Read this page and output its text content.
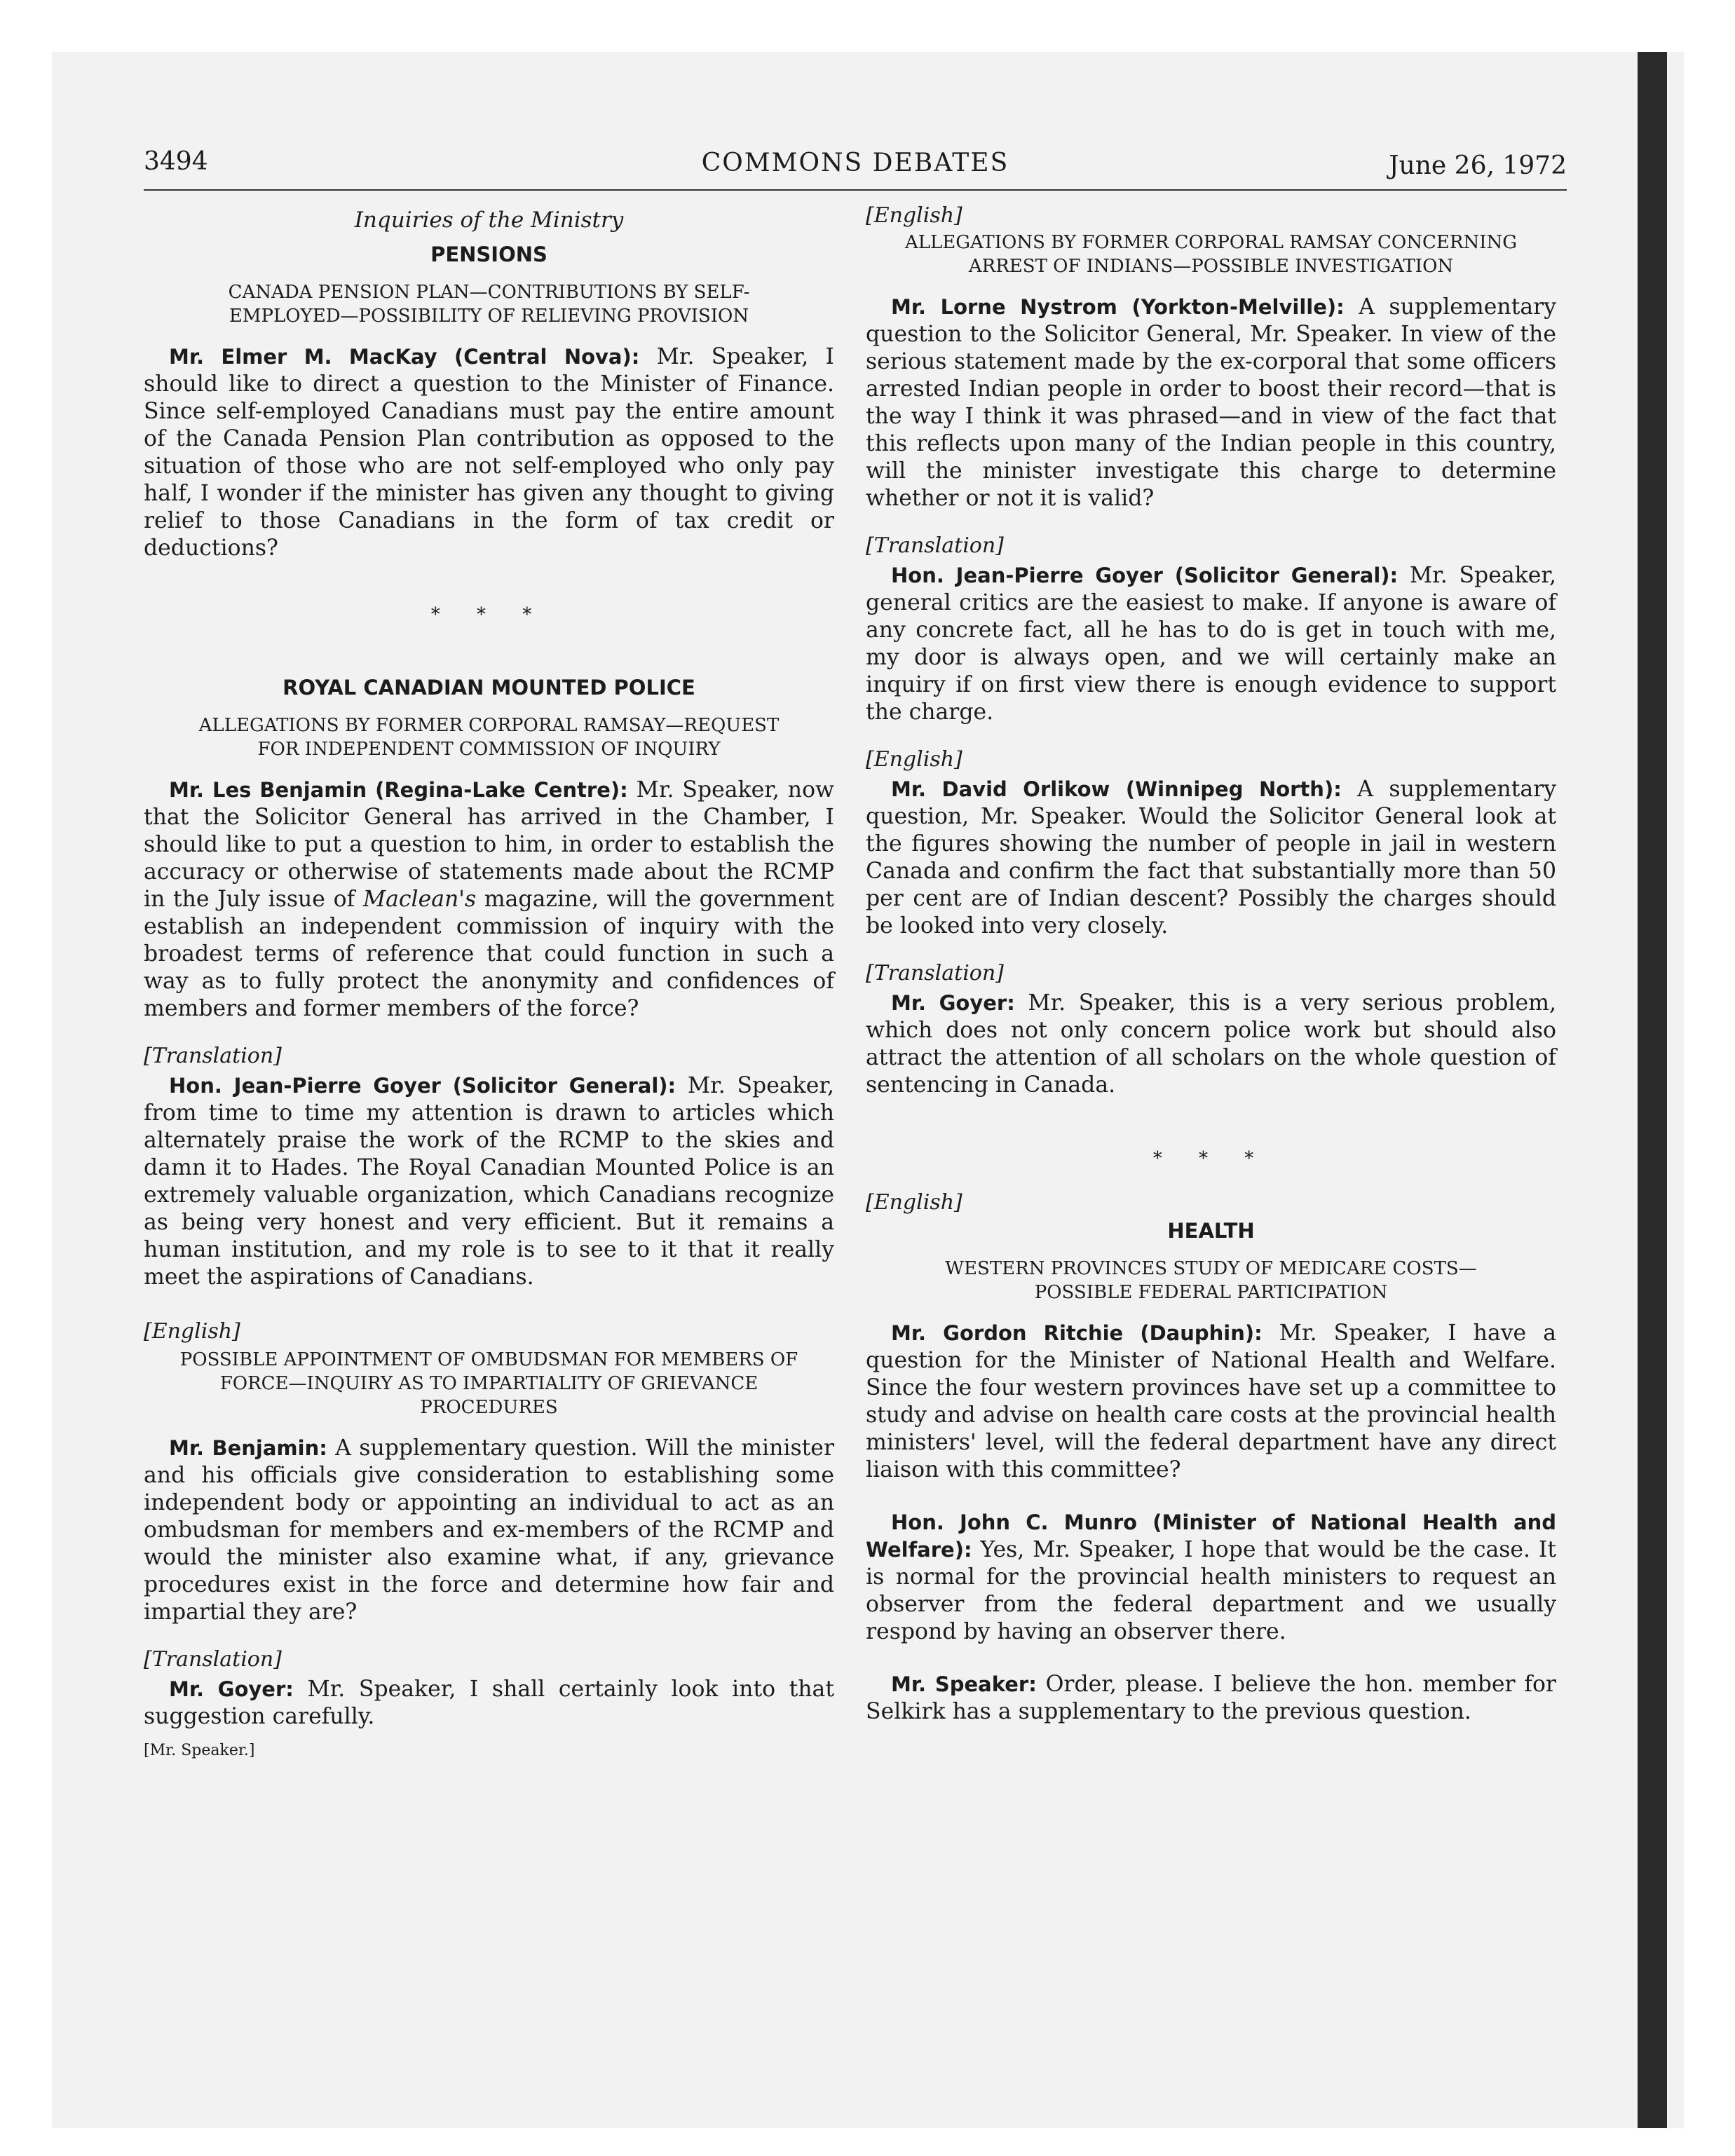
3494	COMMONS DEBATES	June 26, 1972

Inquiries of the Ministry

PENSIONS

CANADA PENSION PLAN—CONTRIBUTIONS BY SELF-EMPLOYED—POSSIBILITY OF RELIEVING PROVISION

Mr. Elmer M. MacKay (Central Nova): Mr. Speaker, I should like to direct a question to the Minister of Finance. Since self-employed Canadians must pay the entire amount of the Canada Pension Plan contribution as opposed to the situation of those who are not self-employed who only pay half, I wonder if the minister has given any thought to giving relief to those Canadians in the form of tax credit or deductions?

* * *

ROYAL CANADIAN MOUNTED POLICE

ALLEGATIONS BY FORMER CORPORAL RAMSAY—REQUEST FOR INDEPENDENT COMMISSION OF INQUIRY

Mr. Les Benjamin (Regina-Lake Centre): Mr. Speaker, now that the Solicitor General has arrived in the Chamber, I should like to put a question to him, in order to establish the accuracy or otherwise of statements made about the RCMP in the July issue of Maclean's magazine, will the government establish an independent commission of inquiry with the broadest terms of reference that could function in such a way as to fully protect the anonymity and confidences of members and former members of the force?

[Translation]

Hon. Jean-Pierre Goyer (Solicitor General): Mr. Speaker, from time to time my attention is drawn to articles which alternately praise the work of the RCMP to the skies and damn it to Hades. The Royal Canadian Mounted Police is an extremely valuable organization, which Canadians recognize as being very honest and very efficient. But it remains a human institution, and my role is to see to it that it really meet the aspirations of Canadians.

[English]

POSSIBLE APPOINTMENT OF OMBUDSMAN FOR MEMBERS OF FORCE—INQUIRY AS TO IMPARTIALITY OF GRIEVANCE PROCEDURES

Mr. Benjamin: A supplementary question. Will the minister and his officials give consideration to establishing some independent body or appointing an individual to act as an ombudsman for members and ex-members of the RCMP and would the minister also examine what, if any, grievance procedures exist in the force and determine how fair and impartial they are?

[Translation]

Mr. Goyer: Mr. Speaker, I shall certainly look into that suggestion carefully.

[Mr. Speaker.]

[English]

ALLEGATIONS BY FORMER CORPORAL RAMSAY CONCERNING ARREST OF INDIANS—POSSIBLE INVESTIGATION

Mr. Lorne Nystrom (Yorkton-Melville): A supplementary question to the Solicitor General, Mr. Speaker. In view of the serious statement made by the ex-corporal that some officers arrested Indian people in order to boost their record—that is the way I think it was phrased—and in view of the fact that this reflects upon many of the Indian people in this country, will the minister investigate this charge to determine whether or not it is valid?

[Translation]

Hon. Jean-Pierre Goyer (Solicitor General): Mr. Speaker, general critics are the easiest to make. If anyone is aware of any concrete fact, all he has to do is get in touch with me, my door is always open, and we will certainly make an inquiry if on first view there is enough evidence to support the charge.

[English]

Mr. David Orlikow (Winnipeg North): A supplementary question, Mr. Speaker. Would the Solicitor General look at the figures showing the number of people in jail in western Canada and confirm the fact that substantially more than 50 per cent are of Indian descent? Possibly the charges should be looked into very closely.

[Translation]

Mr. Goyer: Mr. Speaker, this is a very serious problem, which does not only concern police work but should also attract the attention of all scholars on the whole question of sentencing in Canada.

* * *

[English]

HEALTH

WESTERN PROVINCES STUDY OF MEDICARE COSTS—POSSIBLE FEDERAL PARTICIPATION

Mr. Gordon Ritchie (Dauphin): Mr. Speaker, I have a question for the Minister of National Health and Welfare. Since the four western provinces have set up a committee to study and advise on health care costs at the provincial health ministers' level, will the federal department have any direct liaison with this committee?

Hon. John C. Munro (Minister of National Health and Welfare): Yes, Mr. Speaker, I hope that would be the case. It is normal for the provincial health ministers to request an observer from the federal department and we usually respond by having an observer there.

Mr. Speaker: Order, please. I believe the hon. member for Selkirk has a supplementary to the previous question.
